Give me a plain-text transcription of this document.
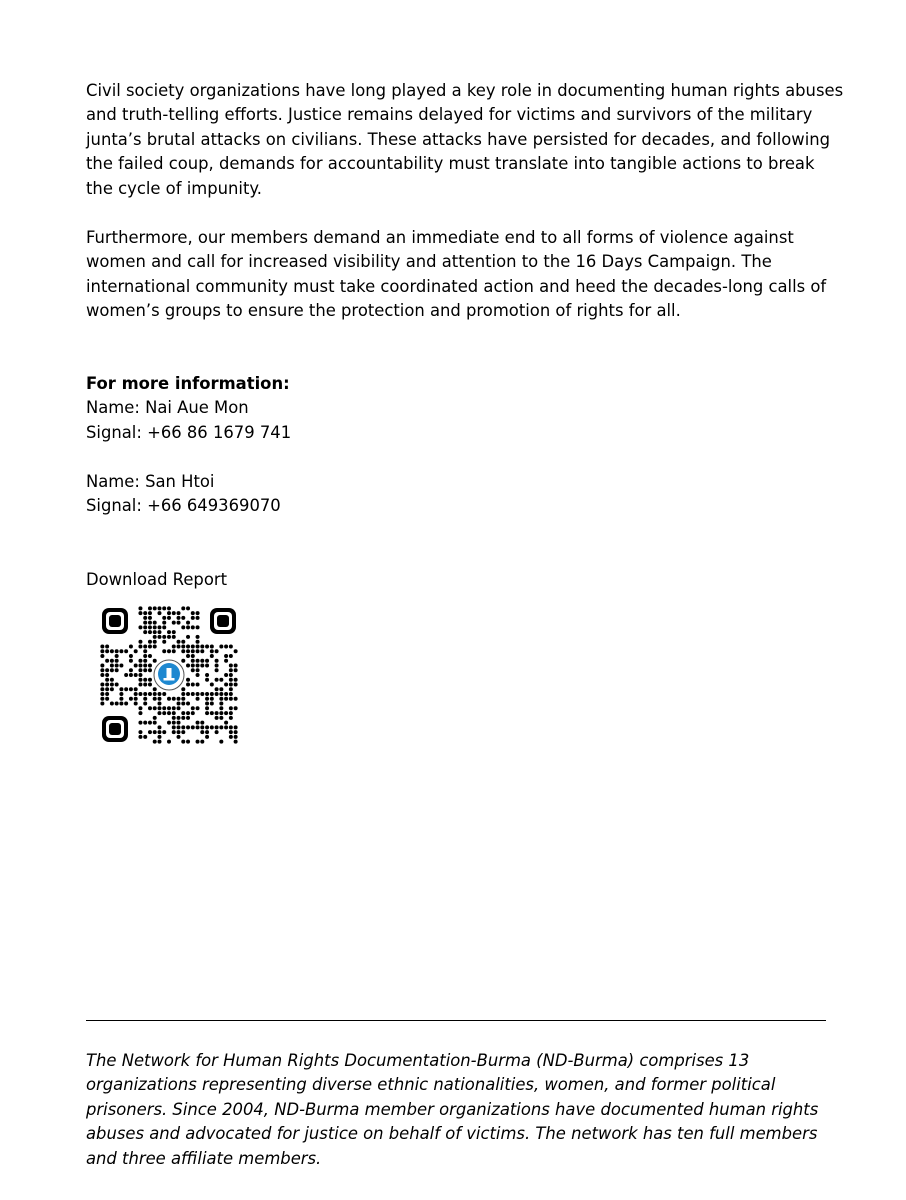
Civil society organizations have long played a key role in documenting human rights abuses and truth-telling efforts. Justice remains delayed for victims and survivors of the military junta’s brutal attacks on civilians. These attacks have persisted for decades, and following the failed coup, demands for accountability must translate into tangible actions to break the cycle of impunity.

Furthermore, our members demand an immediate end to all forms of violence against women and call for increased visibility and attention to the 16 Days Campaign. The international community must take coordinated action and heed the decades-long calls of women’s groups to ensure the protection and promotion of rights for all.

For more information:
Name: Nai Aue Mon
Signal: +66 86 1679 741
Name: San Htoi
Signal: +66 649369070
Download Report

The Network for Human Rights Documentation-Burma (ND-Burma) comprises 13 organizations representing diverse ethnic nationalities, women, and former political prisoners. Since 2004, ND-Burma member organizations have documented human rights abuses and advocated for justice on behalf of victims. The network has ten full members and three affiliate members.
